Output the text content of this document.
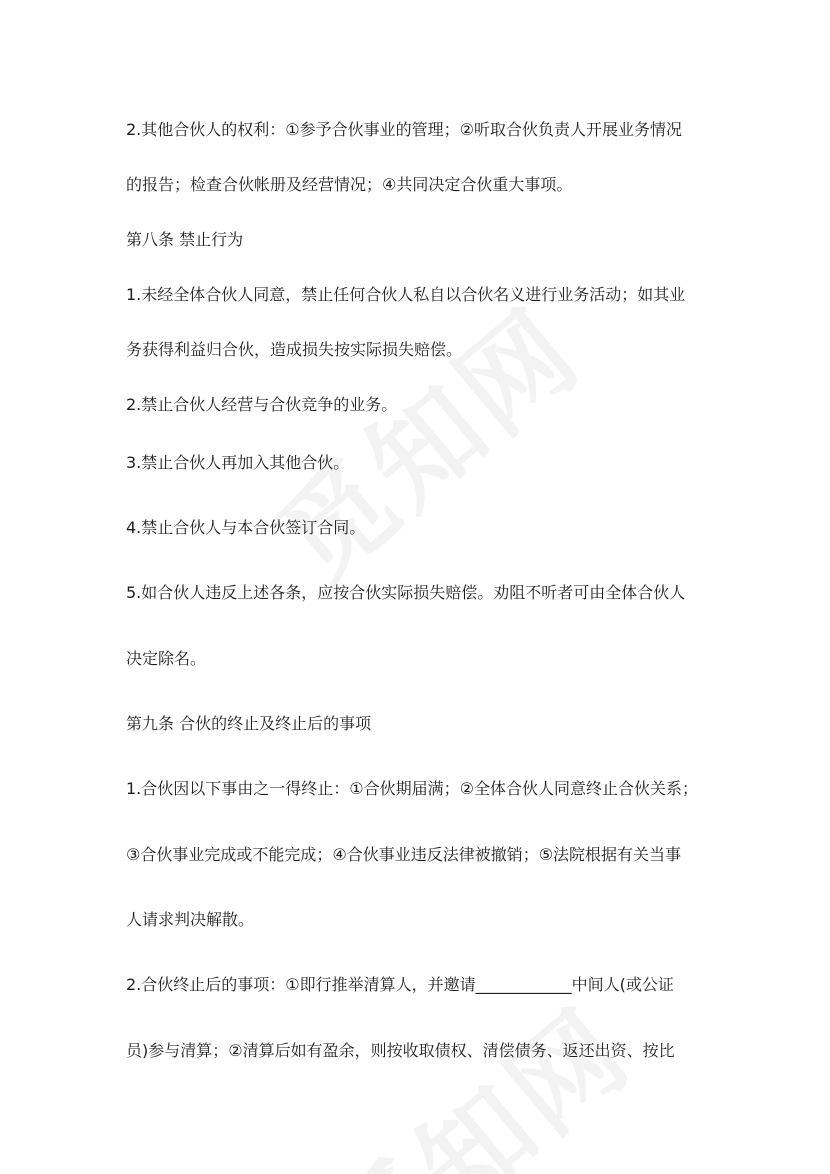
2.其他合伙人的权利：①参予合伙事业的管理；②听取合伙负责人开展业务情况
的报告；检查合伙帐册及经营情况；④共同决定合伙重大事项。
第八条 禁止行为
1.未经全体合伙人同意，禁止任何合伙人私自以合伙名义进行业务活动；如其业
务获得利益归合伙，造成损失按实际损失赔偿。
2.禁止合伙人经营与合伙竞争的业务。
3.禁止合伙人再加入其他合伙。
4.禁止合伙人与本合伙签订合同。
5.如合伙人违反上述各条，应按合伙实际损失赔偿。劝阻不听者可由全体合伙人
决定除名。
第九条 合伙的终止及终止后的事项
1.合伙因以下事由之一得终止：①合伙期届满；②全体合伙人同意终止合伙关系；
③合伙事业完成或不能完成；④合伙事业违反法律被撤销；⑤法院根据有关当事
人请求判决解散。
2.合伙终止后的事项：①即行推举清算人，并邀请____________中间人(或公证
员)参与清算；②清算后如有盈余，则按收取债权、清偿债务、返还出资、按比
